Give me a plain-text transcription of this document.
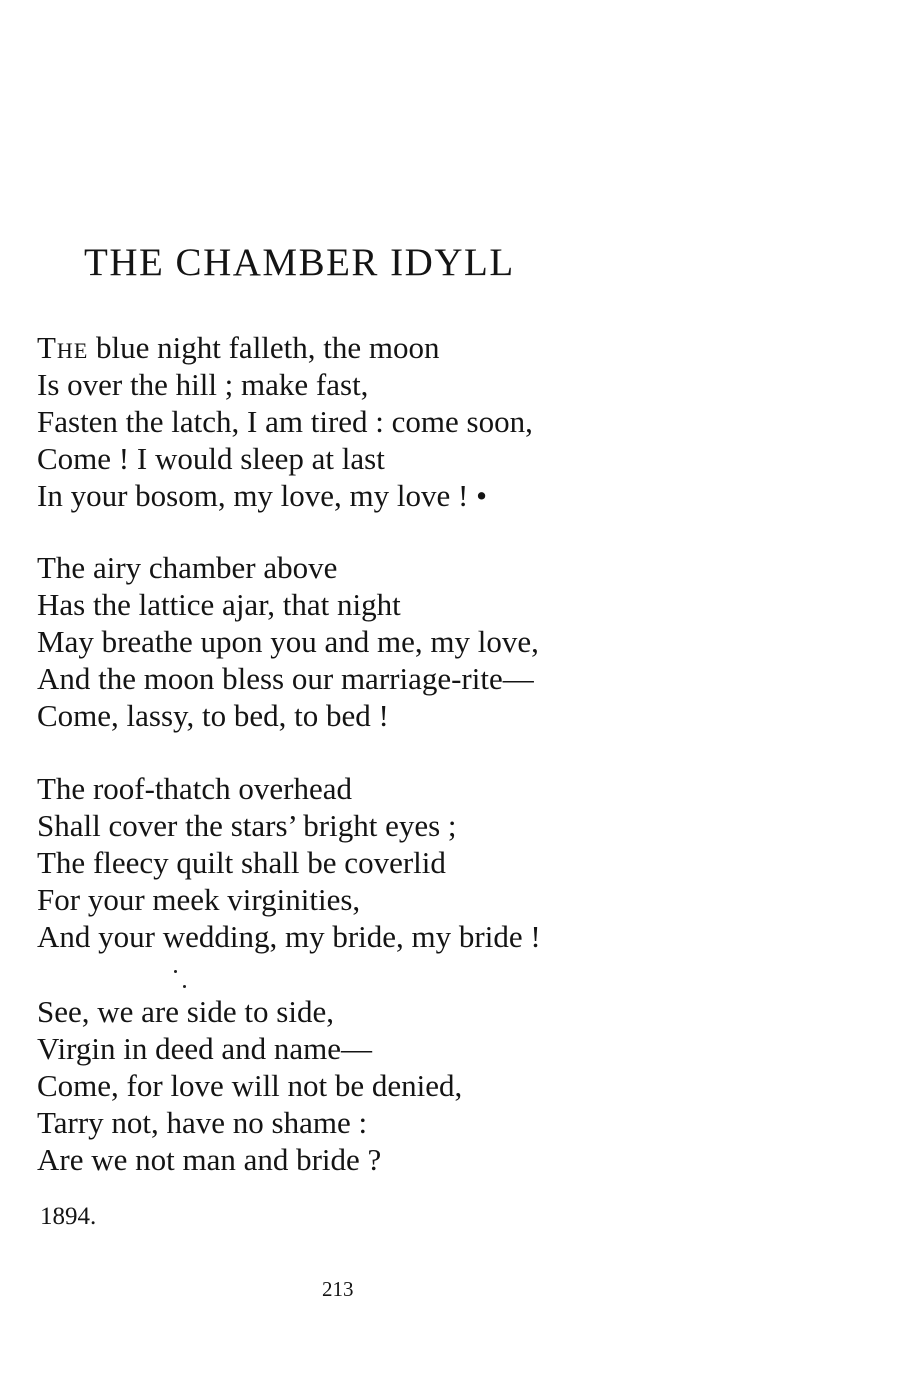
THE CHAMBER IDYLL
The blue night falleth, the moon
Is over the hill ; make fast,
Fasten the latch, I am tired : come soon,
Come ! I would sleep at last
In your bosom, my love, my love ! •
The airy chamber above
Has the lattice ajar, that night
May breathe upon you and me, my love,
And the moon bless our marriage-rite—
Come, lassy, to bed, to bed !
The roof-thatch overhead
Shall cover the stars’ bright eyes ;
The fleecy quilt shall be coverlid
For your meek virginities,
And your wedding, my bride, my bride !
See, we are side to side,
Virgin in deed and name—
Come, for love will not be denied,
Tarry not, have no shame :
Are we not man and bride ?
1894.
213
